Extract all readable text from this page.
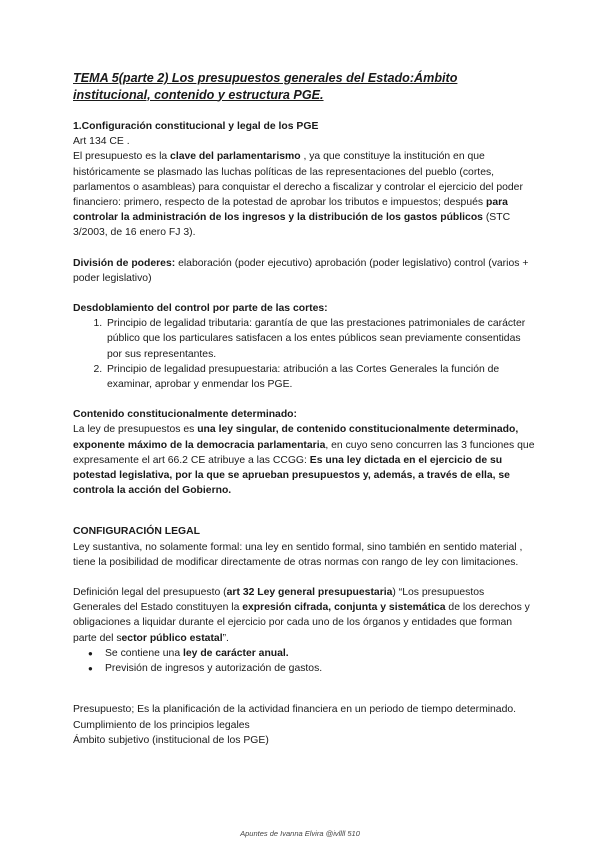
TEMA 5(parte 2) Los presupuestos generales del Estado:Ámbito institucional, contenido y estructura PGE.

1.Configuración constitucional y legal de los PGE

Art 134 CE .

El presupuesto es la clave del parlamentarismo , ya que constituye la institución en que históricamente se plasmado las luchas políticas de las representaciones del pueblo (cortes, parlamentos o asambleas) para conquistar el derecho a fiscalizar y controlar el ejercicio del poder financiero: primero, respecto de la potestad de aprobar los tributos e impuestos; después para controlar la administración de los ingresos y la distribución de los gastos públicos (STC 3/2003, de 16 enero FJ 3).

División de poderes: elaboración (poder ejecutivo) aprobación (poder legislativo) control (varios + poder legislativo)

Desdoblamiento del control por parte de las cortes:

1. Principio de legalidad tributaria: garantía de que las prestaciones patrimoniales de carácter público que los particulares satisfacen a los entes públicos sean previamente consentidas por sus representantes.
2. Principio de legalidad presupuestaria: atribución a las Cortes Generales la función de examinar, aprobar y enmendar los PGE.

Contenido constitucionalmente determinado:

La ley de presupuestos es una ley singular, de contenido constitucionalmente determinado, exponente máximo de la democracia parlamentaria, en cuyo seno concurren las 3 funciones que expresamente el art 66.2 CE atribuye a las CCGG: Es una ley dictada en el ejercicio de su potestad legislativa, por la que se aprueban presupuestos y, además, a través de ella, se controla la acción del Gobierno.

CONFIGURACIÓN LEGAL

Ley sustantiva, no solamente formal: una ley en sentido formal, sino también en sentido material , tiene la posibilidad de modificar directamente de otras normas con rango de ley con limitaciones.

Definición legal del presupuesto (art 32 Ley general presupuestaria) “Los presupuestos Generales del Estado constituyen la expresión cifrada, conjunta y sistemática de los derechos y obligaciones a liquidar durante el ejercicio por cada uno de los órganos y entidades que forman parte del sector público estatal”.

● Se contiene una ley de carácter anual.
● Previsión de ingresos y autorización de gastos.

Presupuesto; Es la planificación de la actividad financiera en un periodo de tiempo determinado.

Cumplimiento de los principios legales

Ámbito subjetivo (institucional de los PGE)

Apuntes de Ivanna Elvira @ivllll 510
